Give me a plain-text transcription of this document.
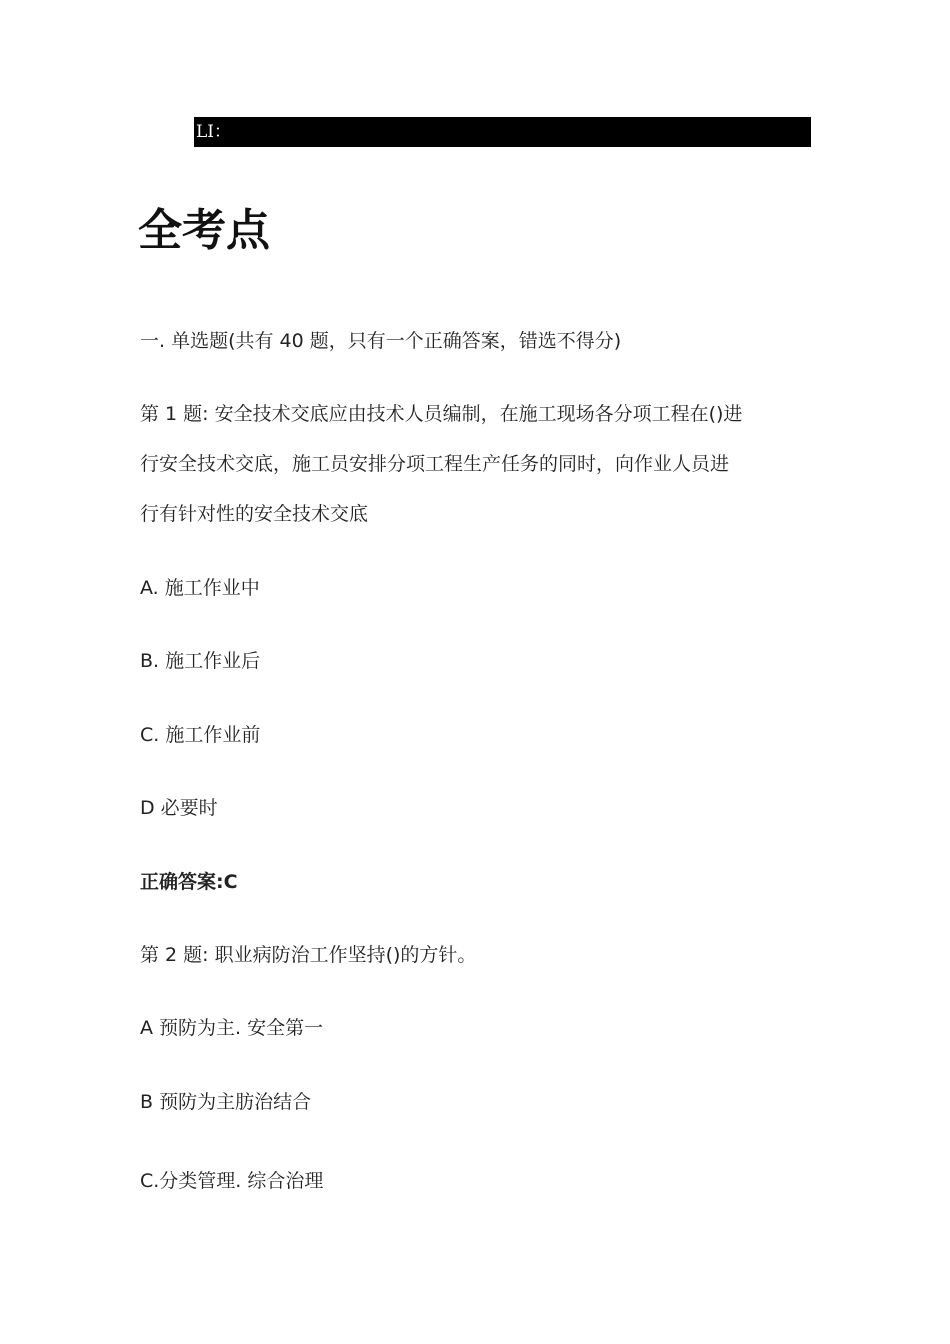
LI：
全考点
一. 单选题(共有 40 题，只有一个正确答案，错选不得分)
第 1 题: 安全技术交底应由技术人员编制，在施工现场各分项工程在()进
行安全技术交底，施工员安排分项工程生产任务的同时，向作业人员进
行有针对性的安全技术交底
A. 施工作业中
B. 施工作业后
C. 施工作业前
D 必要时
正确答案:C
第 2 题: 职业病防治工作坚持()的方针。
A 预防为主. 安全第一
B 预防为主肪治结合
C.分类管理. 综合治理
